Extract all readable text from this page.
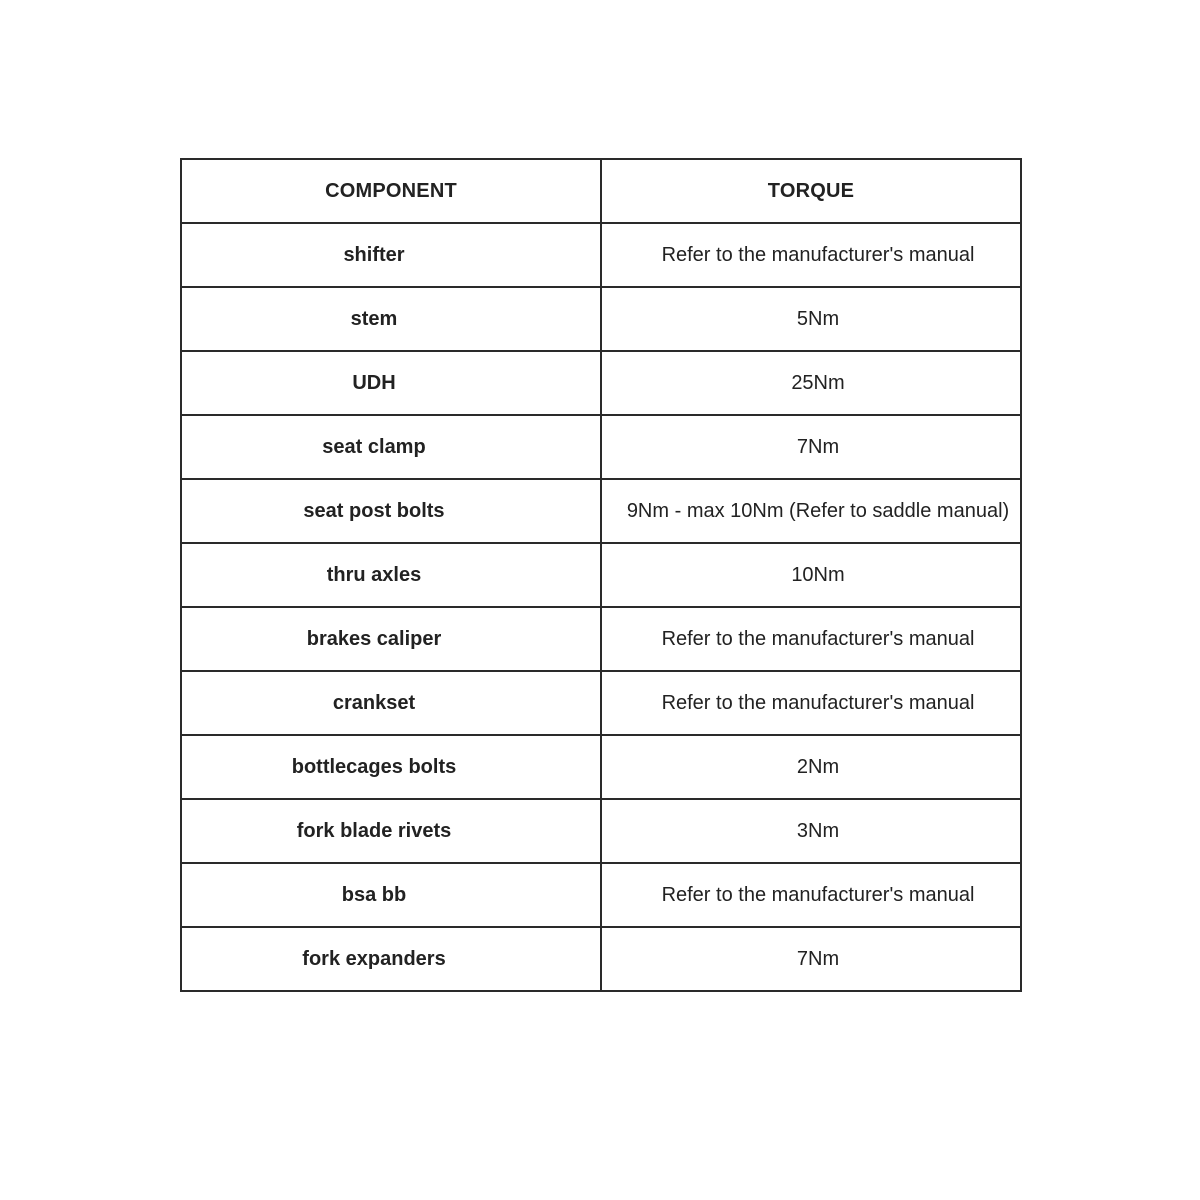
COMPONENT	TORQUE
shifter	Refer to the manufacturer's manual
stem	5Nm
UDH	25Nm
seat clamp	7Nm
seat post bolts	9Nm - max 10Nm (Refer to saddle manual)
thru axles	10Nm
brakes caliper	Refer to the manufacturer's manual
crankset	Refer to the manufacturer's manual
bottlecages bolts	2Nm
fork blade rivets	3Nm
bsa bb	Refer to the manufacturer's manual
fork expanders	7Nm
